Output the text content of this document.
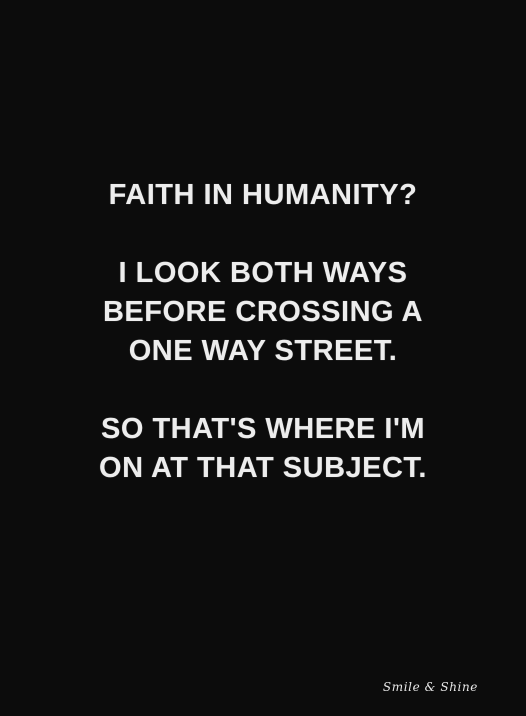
FAITH IN HUMANITY?
I LOOK BOTH WAYS
BEFORE CROSSING A
ONE WAY STREET.
SO THAT'S WHERE I'M
ON AT THAT SUBJECT.
Smile & Shine
